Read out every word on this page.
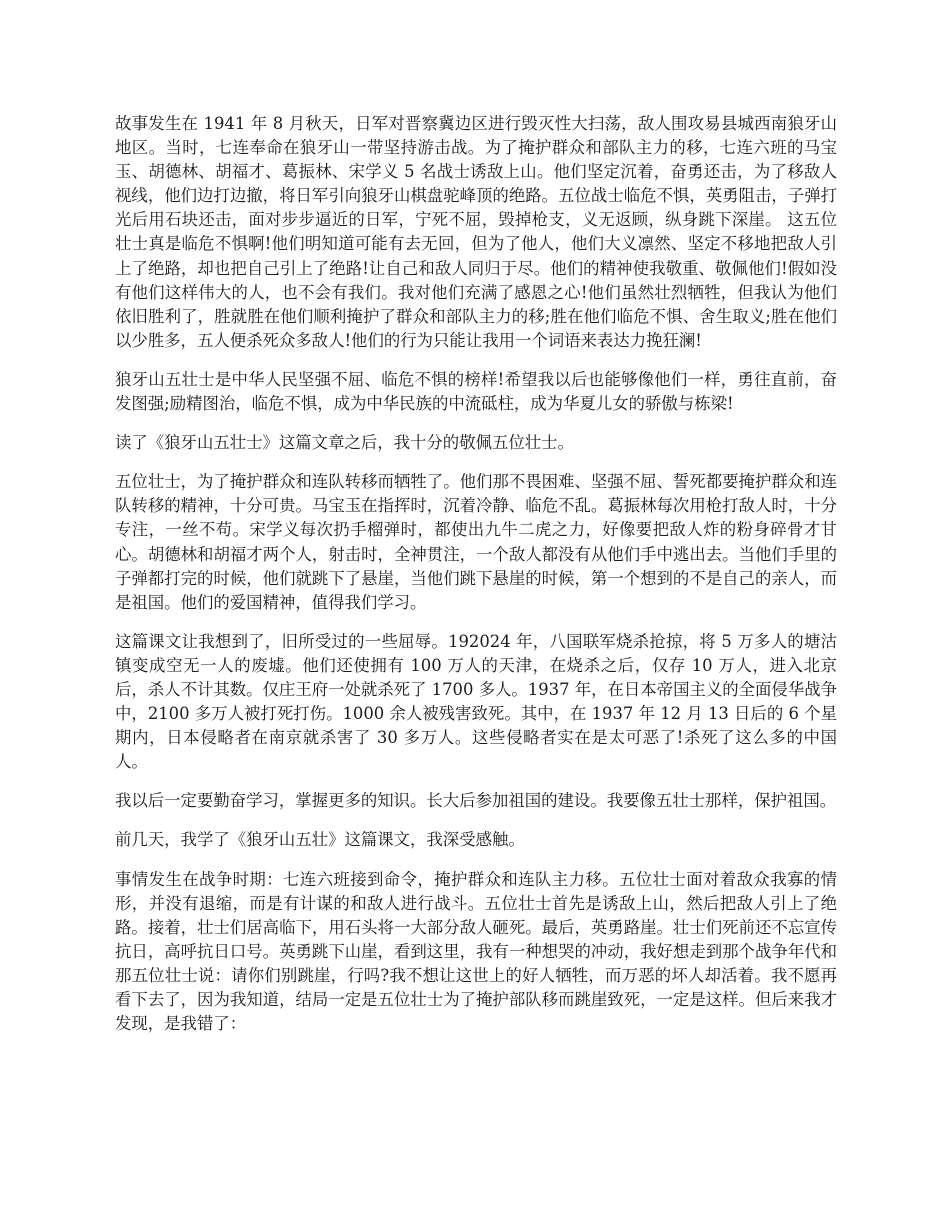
故事发生在 1941 年 8 月秋天，日军对晋察冀边区进行毁灭性大扫荡，敌人围攻易县城西南狼牙山地区。当时，七连奉命在狼牙山一带坚持游击战。为了掩护群众和部队主力的移，七连六班的马宝玉、胡德林、胡福才、葛振林、宋学义 5 名战士诱敌上山。他们坚定沉着，奋勇还击，为了移敌人视线，他们边打边撤，将日军引向狼牙山棋盘驼峰顶的绝路。五位战士临危不惧，英勇阻击，子弹打光后用石块还击，面对步步逼近的日军，宁死不屈，毁掉枪支，义无返顾，纵身跳下深崖。 这五位壮士真是临危不惧啊!他们明知道可能有去无回，但为了他人，他们大义凛然、坚定不移地把敌人引上了绝路，却也把自己引上了绝路!让自己和敌人同归于尽。他们的精神使我敬重、敬佩他们!假如没有他们这样伟大的人，也不会有我们。我对他们充满了感恩之心!他们虽然壮烈牺牲，但我认为他们依旧胜利了，胜就胜在他们顺利掩护了群众和部队主力的移;胜在他们临危不惧、舍生取义;胜在他们以少胜多，五人便杀死众多敌人!他们的行为只能让我用一个词语来表达力挽狂澜!

狼牙山五壮士是中华人民坚强不屈、临危不惧的榜样!希望我以后也能够像他们一样，勇往直前，奋发图强;励精图治，临危不惧，成为中华民族的中流砥柱，成为华夏儿女的骄傲与栋梁!

读了《狼牙山五壮士》这篇文章之后，我十分的敬佩五位壮士。

五位壮士，为了掩护群众和连队转移而牺牲了。他们那不畏困难、坚强不屈、誓死都要掩护群众和连队转移的精神，十分可贵。马宝玉在指挥时，沉着冷静、临危不乱。葛振林每次用枪打敌人时，十分专注，一丝不苟。宋学义每次扔手榴弹时，都使出九牛二虎之力，好像要把敌人炸的粉身碎骨才甘心。胡德林和胡福才两个人，射击时，全神贯注，一个敌人都没有从他们手中逃出去。当他们手里的子弹都打完的时候，他们就跳下了悬崖，当他们跳下悬崖的时候，第一个想到的不是自己的亲人，而是祖国。他们的爱国精神，值得我们学习。

这篇课文让我想到了，旧所受过的一些屈辱。192024 年，八国联军烧杀抢掠，将 5 万多人的塘沽镇变成空无一人的废墟。他们还使拥有 100 万人的天津，在烧杀之后，仅存 10 万人，进入北京后，杀人不计其数。仅庄王府一处就杀死了 1700 多人。1937 年，在日本帝国主义的全面侵华战争中，2100 多万人被打死打伤。1000 余人被残害致死。其中，在 1937 年 12 月 13 日后的 6 个星期内，日本侵略者在南京就杀害了 30 多万人。这些侵略者实在是太可恶了!杀死了这么多的中国人。

我以后一定要勤奋学习，掌握更多的知识。长大后参加祖国的建设。我要像五壮士那样，保护祖国。

前几天，我学了《狼牙山五壮》这篇课文，我深受感触。

事情发生在战争时期：七连六班接到命令，掩护群众和连队主力移。五位壮士面对着敌众我寡的情形，并没有退缩，而是有计谋的和敌人进行战斗。五位壮士首先是诱敌上山，然后把敌人引上了绝路。接着，壮士们居高临下，用石头将一大部分敌人砸死。最后，英勇路崖。壮士们死前还不忘宣传抗日，高呼抗日口号。英勇跳下山崖，看到这里，我有一种想哭的冲动，我好想走到那个战争年代和那五位壮士说：请你们别跳崖，行吗?我不想让这世上的好人牺牲，而万恶的坏人却活着。我不愿再看下去了，因为我知道，结局一定是五位壮士为了掩护部队移而跳崖致死，一定是这样。但后来我才发现，是我错了：
